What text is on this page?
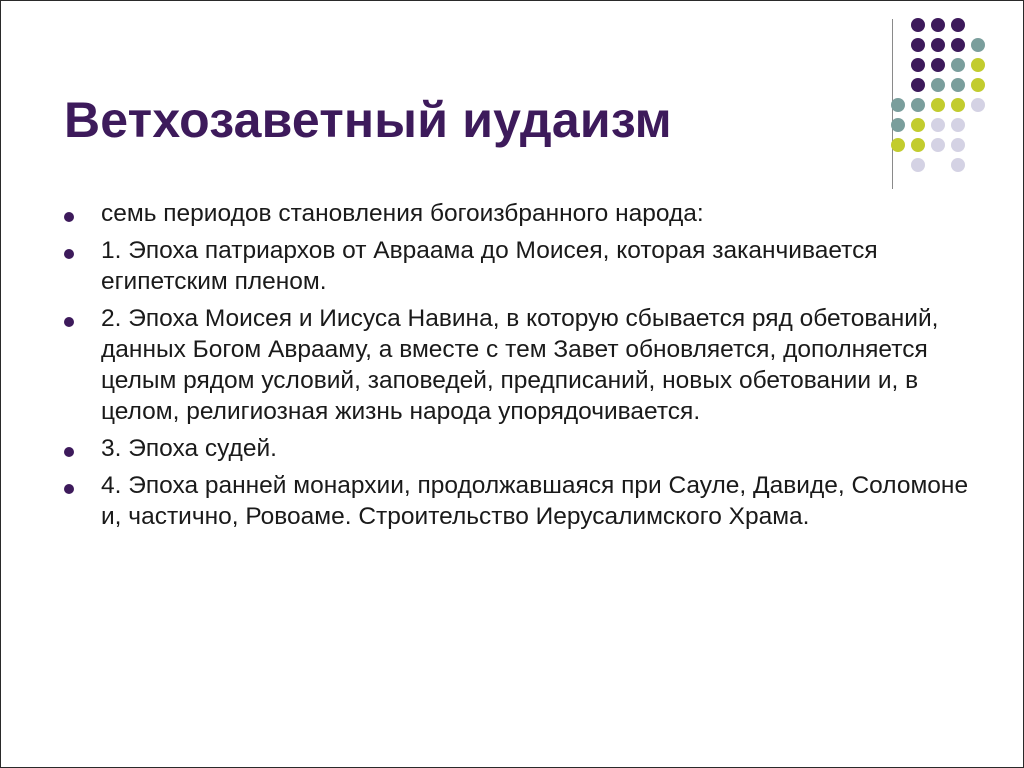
Ветхозаветный иудаизм
семь периодов становления богоизбранного народа:
1. Эпоха патриархов от Авраама до Моисея, которая заканчивается египетским пленом.
2. Эпоха Моисея и Иисуса Навина, в которую сбывается ряд обетований, данных Богом Аврааму, а вместе с тем Завет обновляется, дополняется целым рядом условий, заповедей, предписаний, новых обетовании и, в целом, религиозная жизнь народа упорядочивается.
3. Эпоха судей.
4. Эпоха ранней монархии, продолжавшаяся при Сауле, Давиде, Соломоне и, частично, Ровоаме. Строительство Иерусалимского Храма.
